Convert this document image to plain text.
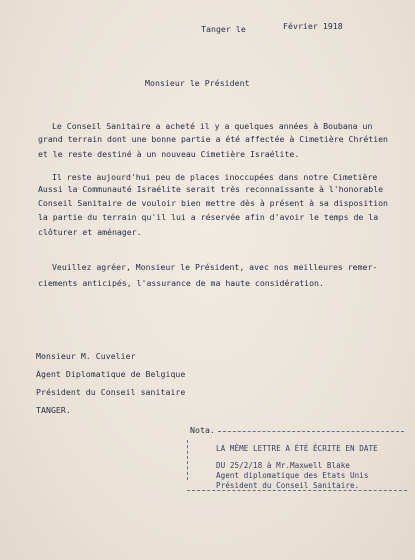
Tanger le	Février 1918
Monsieur le Président
Le Conseil Sanitaire a acheté il y a quelques années à Boubana un
grand terrain dont une bonne partie a été affectée à Cimetière Chrétien
et le reste destiné à un nouveau Cimetière Israélite.
Il reste aujourd'hui peu de places inoccupées dans notre Cimetière
Aussi la Communauté Israélite serait très reconnaissante à l'honorable
Conseil Sanitaire de vouloir bien mettre dès à présent à sa disposition
la partie du terrain qu'il lui a réservée afin d'avoir le temps de la
clôturer et aménager.
Veuillez agréer, Monsieur le Président, avec nos meilleures remer-
ciements anticipés, l'assurance de ma haute considération.
Monsieur M. Cuvelier
Agent Diplomatique de Belgique
Président du Conseil sanitaire
TANGER.
Nota.
LA MÊME LETTRE A ÉTÉ ÉCRITE EN DATE
DU 25/2/18 à Mr.Maxwell Blake
Agent diplomatique des Etats Unis
Président du Conseil Sanitaire.
